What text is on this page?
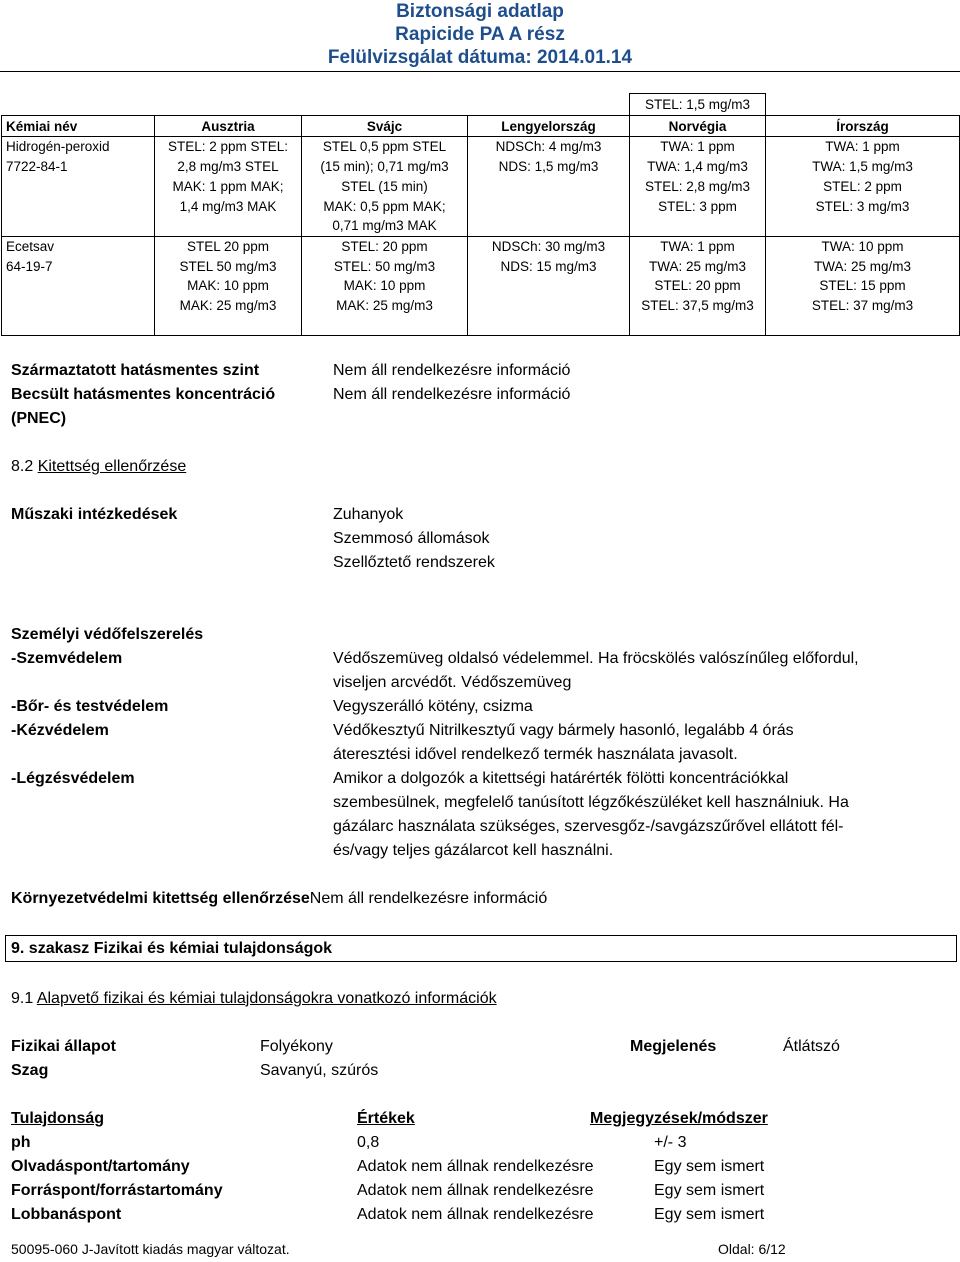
Biztonsági adatlap
Rapicide PA A rész
Felülvizsgálat dátuma: 2014.01.14
				STEL: 1,5 mg/m3	
Kémiai név	Ausztria	Svájc	Lengyelország	Norvégia	Írország
Hidrogén-peroxid
7722-84-1	STEL: 2 ppm STEL:
2,8 mg/m3 STEL
MAK: 1 ppm MAK;
1,4 mg/m3 MAK	STEL 0,5 ppm STEL
(15 min); 0,71 mg/m3
STEL (15 min)
MAK: 0,5 ppm MAK;
0,71 mg/m3 MAK	NDSCh: 4 mg/m3
NDS: 1,5 mg/m3	TWA: 1 ppm
TWA: 1,4 mg/m3
STEL: 2,8 mg/m3
STEL: 3 ppm	TWA: 1 ppm
TWA: 1,5 mg/m3
STEL: 2 ppm
STEL: 3 mg/m3
Ecetsav
64-19-7	STEL 20 ppm
STEL 50 mg/m3
MAK: 10 ppm
MAK: 25 mg/m3	STEL: 20 ppm
STEL: 50 mg/m3
MAK: 10 ppm
MAK: 25 mg/m3	NDSCh: 30 mg/m3
NDS: 15 mg/m3	TWA: 1 ppm
TWA: 25 mg/m3
STEL: 20 ppm
STEL: 37,5 mg/m3	TWA: 10 ppm
TWA: 25 mg/m3
STEL: 15 ppm
STEL: 37 mg/m3
Származtatott hatásmentes szint	Nem áll rendelkezésre információ
Becsült hatásmentes koncentráció	Nem áll rendelkezésre információ
(PNEC)
8.2 Kitettség ellenőrzése
Műszaki intézkedések	Zuhanyok
Szemmosó állomások
Szellőztető rendszerek
Személyi védőfelszerelés
-Szemvédelem	Védőszemüveg oldalsó védelemmel. Ha fröcskölés valószínűleg előfordul,
viseljen arcvédőt. Védőszemüveg
-Bőr- és testvédelem	Vegyszerálló kötény, csizma
-Kézvédelem	Védőkesztyű Nitrilkesztyű vagy bármely hasonló, legalább 4 órás
áteresztési idővel rendelkező termék használata javasolt.
-Légzésvédelem	Amikor a dolgozók a kitettségi határérték fölötti koncentrációkkal
szembesülnek, megfelelő tanúsított légzőkészüléket kell használniuk. Ha
gázálarc használata szükséges, szervesgőz-/savgázszűrővel ellátott fél-
és/vagy teljes gázálarcot kell használni.
Környezetvédelmi kitettség ellenőrzéseNem áll rendelkezésre információ
9. szakasz Fizikai és kémiai tulajdonságok
9.1 Alapvető fizikai és kémiai tulajdonságokra vonatkozó információk
Fizikai állapot	Folyékony	Megjelenés	Átlátszó
Szag	Savanyú, szúrós
Tulajdonság	Értékek	Megjegyzések/módszer
ph	0,8	+/- 3
Olvadáspont/tartomány	Adatok nem állnak rendelkezésre	Egy sem ismert
Forráspont/forrástartomány	Adatok nem állnak rendelkezésre	Egy sem ismert
Lobbanáspont	Adatok nem állnak rendelkezésre	Egy sem ismert
50095-060 J-Javított kiadás magyar változat.	Oldal: 6/12
